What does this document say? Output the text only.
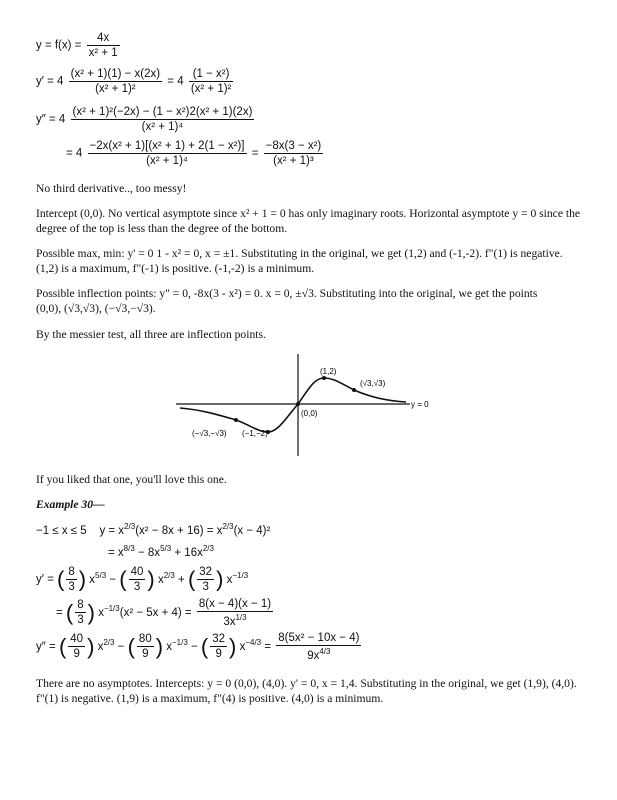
$y = f(x) = \frac{4x}{\text{x² + 1}}$
$y' = 4 \frac{\text{(x² + 1)(1) − x(2x)}}{\text{(x² + 1)²}} = 4 \frac{\text{(1 − x²)}}{\text{(x² + 1)²}}$
$y'' = 4 \frac{\text{(x² + 1)²(−2x) − (1 − x²)2(x² + 1)(2x)}}{\text{(x² + 1)⁴}}$
= $4 \frac{\text{−2x(x² + 1)[(x² + 1) + 2(1 − x²)]}}{\text{(x² + 1)⁴}} = \frac{\text{−8x(3 − x²)}}{\text{(x² + 1)³}}$
No third derivative.., too messy!
Intercept (0,0). No vertical asymptote since x² + 1 = 0 has only imaginary roots. Horizontal asymptote y = 0 since the degree of the top is less than the degree of the bottom.
Possible max, min: y' = 0 1 - x² = 0, x = ±1. Substituting in the original, we get (1,2) and (-1,-2). f"(1) is negative. (1,2) is a maximum, f"(-1) is positive. (-1,-2) is a minimum.
Possible inflection points: y" = 0, -8x(3 - x²) = 0. x = 0, ±√3. Substituting into the original, we get the points
(0,0), (√3,√3), (−√3,−√3).
By the messier test, all three are inflection points.
(1,2)
(√3,√3)
(0,0)
y = 0
(−√3,−√3) (−1,−2)
If you liked that one, you'll love this one.
Example 30—
−1 ≤ x ≤ 5 $y = x^{2/3}(x^2 - 8x + 16) = x^{2/3}(x - 4)^2$
= $x^{8/3} - 8x^{5/3} + 16x^{2/3}$
y′ = ( $\frac{8}{3}$ ) $x^{5/3}$ − ( $\frac{40}{3}$ ) $x^{2/3}$ + ( $\frac{32}{3}$ ) $x^{-1/3}$
= ( $\frac{8}{3}$ ) $x^{-1/3}(x^2 - 5x + 4) = \frac{8(x - 4)(x - 1)}{3x^{1/3}}$
y″ = ( $\frac{40}{9}$ ) $x^{2/3}$ − ( $\frac{80}{9}$ ) $x^{-1/3}$ − ( $\frac{32}{9}$ ) $x^{-4/3} = \frac{\text{8(5x² − 10x − 4)}}{9x^{4/3}}$
There are no asymptotes. Intercepts: y = 0 (0,0), (4,0). y' = 0, x = 1,4. Substituting in the original, we get (1,9), (4,0). f"(1) is negative. (1,9) is a maximum, f"(4) is positive. (4,0) is a minimum.
